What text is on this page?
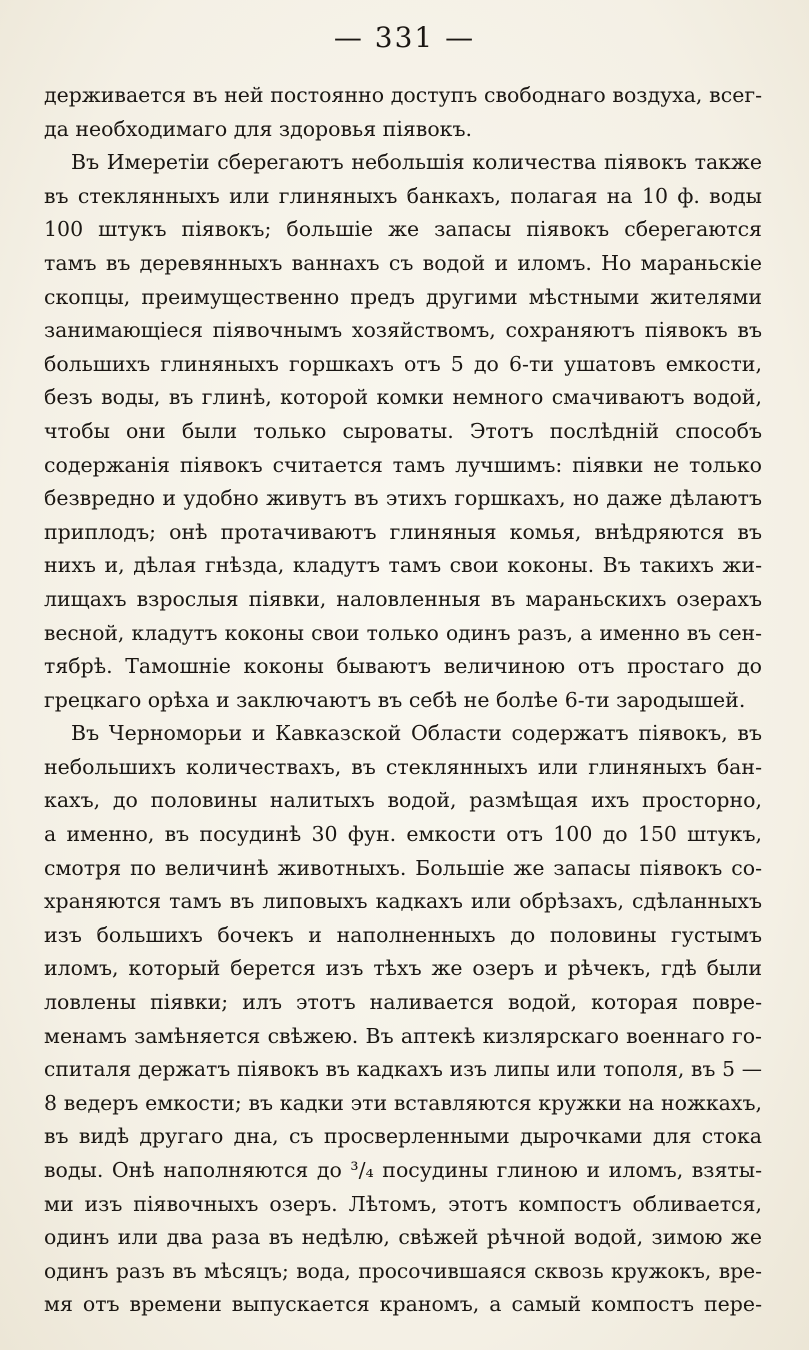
— 331 —
держивается въ ней постоянно доступъ свободнаго воздуха, всег-
да необходимаго для здоровья піявокъ.
Въ Имеретіи сберегаютъ небольшія количества піявокъ также
въ стеклянныхъ или глиняныхъ банкахъ, полагая на 10 ф. воды
100 штукъ піявокъ; большіе же запасы піявокъ сберегаются
тамъ въ деревянныхъ ваннахъ съ водой и иломъ. Но мараньскіе
скопцы, преимущественно предъ другими мѣстными жителями
занимающіеся піявочнымъ хозяйствомъ, сохраняютъ піявокъ въ
большихъ глиняныхъ горшкахъ отъ 5 до 6-ти ушатовъ емкости,
безъ воды, въ глинѣ, которой комки немного смачиваютъ водой,
чтобы они были только сыроваты. Этотъ послѣдній способъ
содержанія піявокъ считается тамъ лучшимъ: піявки не только
безвредно и удобно живутъ въ этихъ горшкахъ, но даже дѣлаютъ
приплодъ; онѣ протачиваютъ глиняныя комья, внѣдряются въ
нихъ и, дѣлая гнѣзда, кладутъ тамъ свои коконы. Въ такихъ жи-
лищахъ взрослыя піявки, наловленныя въ мараньскихъ озерахъ
весной, кладутъ коконы свои только одинъ разъ, а именно въ сен-
тябрѣ. Тамошніе коконы бываютъ величиною отъ простаго до
грецкаго орѣха и заключаютъ въ себѣ не болѣе 6-ти зародышей.
Въ Черноморьи и Кавказской Области содержатъ піявокъ, въ
небольшихъ количествахъ, въ стеклянныхъ или глиняныхъ бан-
кахъ, до половины налитыхъ водой, размѣщая ихъ просторно,
а именно, въ посудинѣ 30 фун. емкости отъ 100 до 150 штукъ,
смотря по величинѣ животныхъ. Большіе же запасы піявокъ со-
храняются тамъ въ липовыхъ кадкахъ или обрѣзахъ, сдѣланныхъ
изъ большихъ бочекъ и наполненныхъ до половины густымъ
иломъ, который берется изъ тѣхъ же озеръ и рѣчекъ, гдѣ были
ловлены піявки; илъ этотъ наливается водой, которая повре-
менамъ замѣняется свѣжею. Въ аптекѣ кизлярскаго военнаго го-
спиталя держатъ піявокъ въ кадкахъ изъ липы или тополя, въ 5 —
8 ведеръ емкости; въ кадки эти вставляются кружки на ножкахъ,
въ видѣ другаго дна, съ просверленными дырочками для стока
воды. Онѣ наполняются до ³/₄ посудины глиною и иломъ, взяты-
ми изъ піявочныхъ озеръ. Лѣтомъ, этотъ компостъ обливается,
одинъ или два раза въ недѣлю, свѣжей рѣчной водой, зимою же
одинъ разъ въ мѣсяцъ; вода, просочившаяся сквозь кружокъ, вре-
мя отъ времени выпускается краномъ, а самый компостъ пере-
